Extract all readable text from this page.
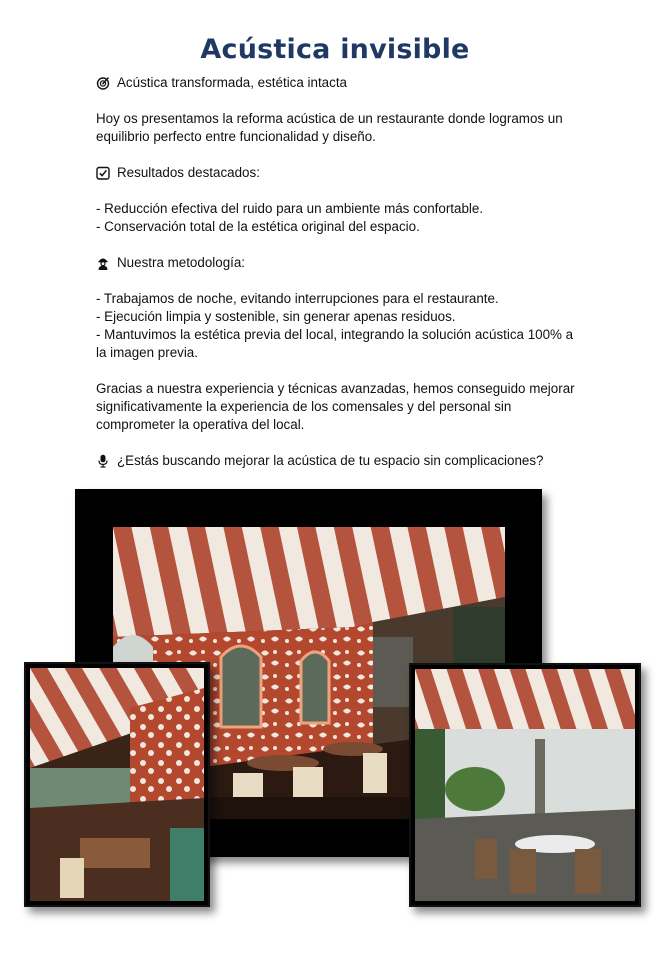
Acústica invisible
Acústica transformada, estética intacta

Hoy os presentamos la reforma acústica de un restaurante donde logramos un equilibrio perfecto entre funcionalidad y diseño.

Resultados destacados:
- Reducción efectiva del ruido para un ambiente más confortable.
- Conservación total de la estética original del espacio.
Nuestra metodología:
- Trabajamos de noche, evitando interrupciones para el restaurante.
- Ejecución limpia y sostenible, sin generar apenas residuos.
- Mantuvimos la estética previa del local, integrando la solución acústica 100% a la imagen previa.

Gracias a nuestra experiencia y técnicas avanzadas, hemos conseguido mejorar significativamente la experiencia de los comensales y del personal sin comprometer la operativa del local.

¿Estás buscando mejorar la acústica de tu espacio sin complicaciones?
